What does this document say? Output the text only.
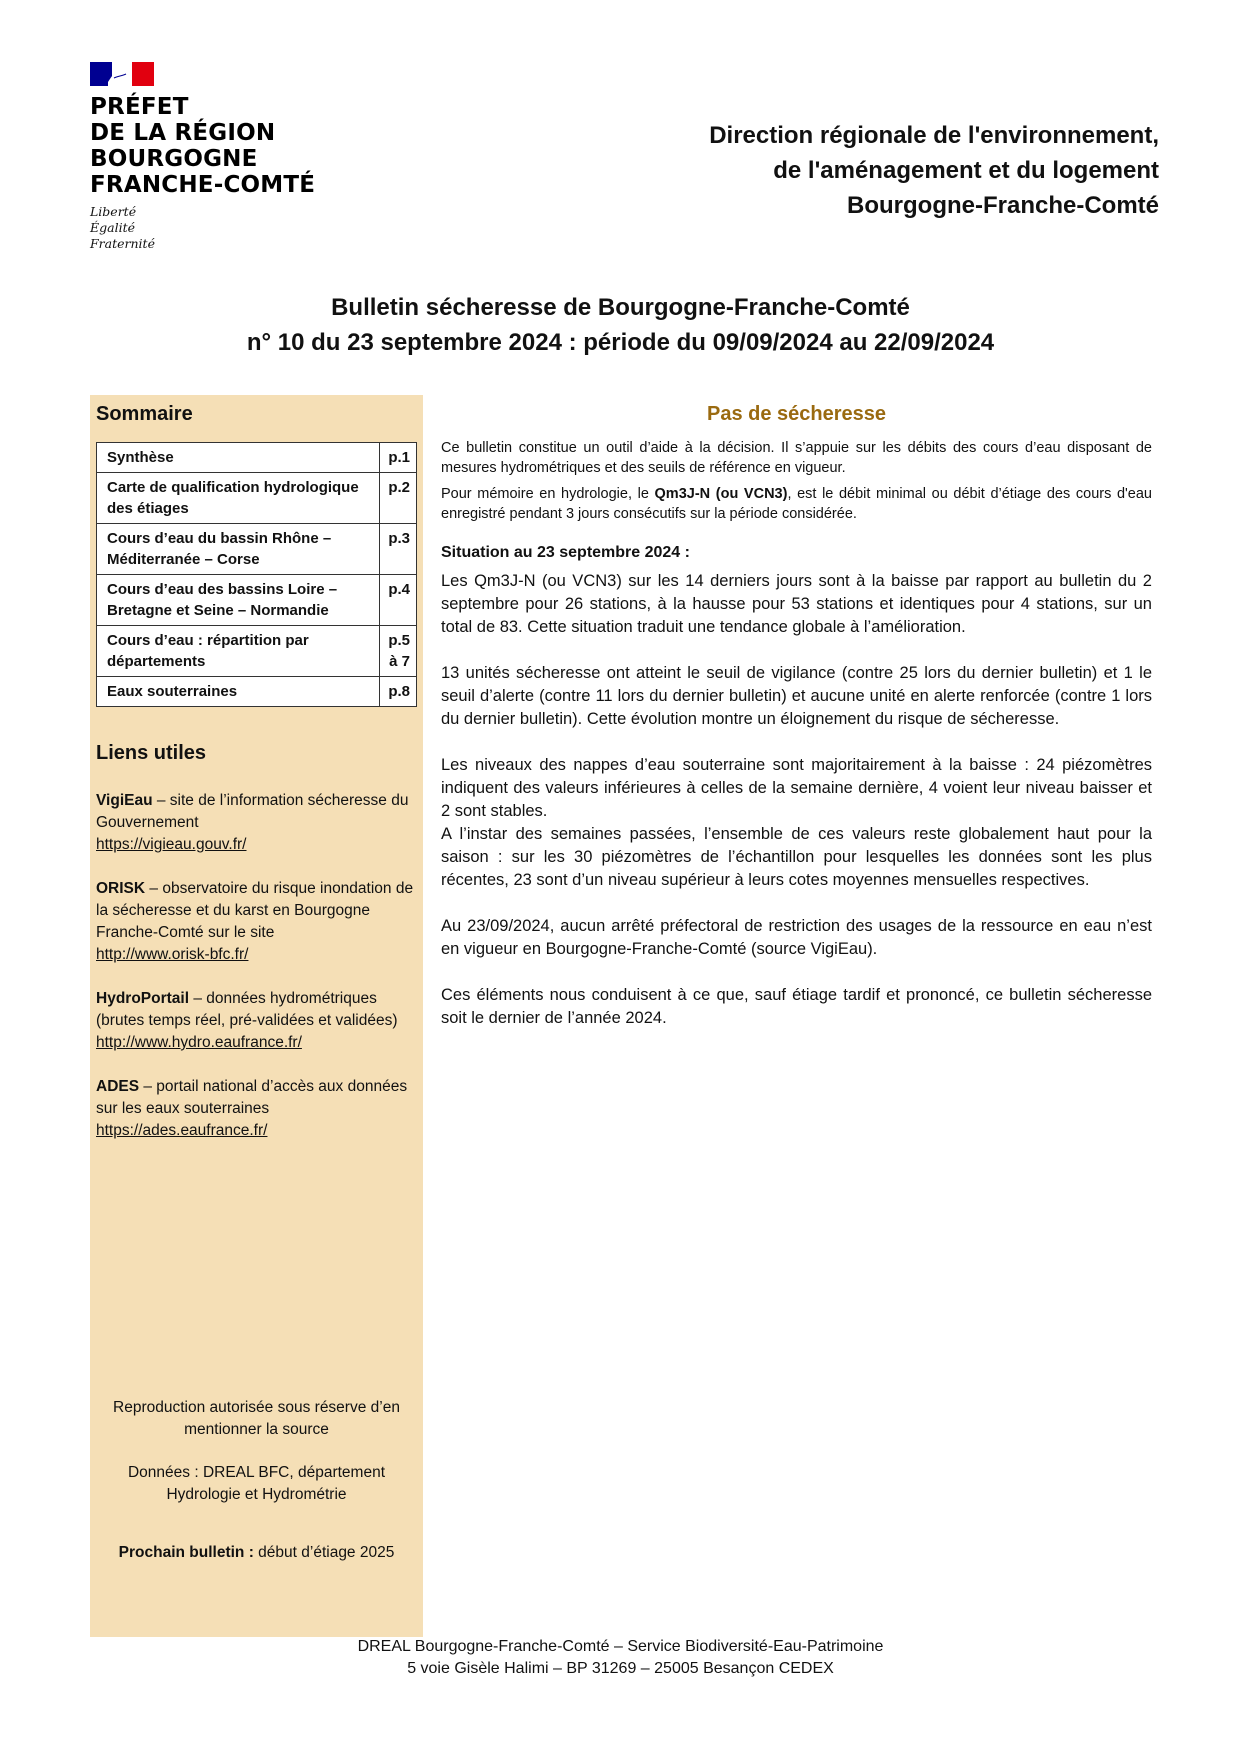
PRÉFET
DE LA RÉGION
BOURGOGNE
FRANCHE-COMTÉ
Liberté
Égalité
Fraternité
Direction régionale de l'environnement,
de l'aménagement et du logement
Bourgogne-Franche-Comté
Bulletin sécheresse de Bourgogne-Franche-Comté
n° 10 du 23 septembre 2024 : période du 09/09/2024 au 22/09/2024
Sommaire
Synthèse	p.1
Carte de qualification hydrologique des étiages	p.2
Cours d’eau du bassin Rhône – Méditerranée – Corse	p.3
Cours d’eau des bassins Loire – Bretagne et Seine – Normandie	p.4
Cours d’eau : répartition par départements	p.5 à 7
Eaux souterraines	p.8
Liens utiles
VigiEau – site de l’information sécheresse du Gouvernement
https://vigieau.gouv.fr/
ORISK – observatoire du risque inondation de la sécheresse et du karst en Bourgogne Franche-Comté sur le site
http://www.orisk-bfc.fr/
HydroPortail – données hydrométriques (brutes temps réel, pré-validées et validées)
http://www.hydro.eaufrance.fr/
ADES – portail national d’accès aux données sur les eaux souterraines
https://ades.eaufrance.fr/

Reproduction autorisée sous réserve d’en mentionner la source

Données : DREAL BFC, département Hydrologie et Hydrométrie

Prochain bulletin : début d’étiage 2025

Pas de sécheresse

Ce bulletin constitue un outil d’aide à la décision. Il s’appuie sur les débits des cours d’eau disposant de mesures hydrométriques et des seuils de référence en vigueur.

Pour mémoire en hydrologie, le Qm3J-N (ou VCN3), est le débit minimal ou débit d’étiage des cours d'eau enregistré pendant 3 jours consécutifs sur la période considérée.

Situation au 23 septembre 2024 :

Les Qm3J-N (ou VCN3) sur les 14 derniers jours sont à la baisse par rapport au bulletin du 2 septembre pour 26 stations, à la hausse pour 53 stations et identiques pour 4 stations, sur un total de 83. Cette situation traduit une tendance globale à l’amélioration.

13 unités sécheresse ont atteint le seuil de vigilance (contre 25 lors du dernier bulletin) et 1 le seuil d’alerte (contre 11 lors du dernier bulletin) et aucune unité en alerte renforcée (contre 1 lors du dernier bulletin). Cette évolution montre un éloignement du risque de sécheresse.

Les niveaux des nappes d’eau souterraine sont majoritairement à la baisse : 24 piézomètres indiquent des valeurs inférieures à celles de la semaine dernière, 4 voient leur niveau baisser et 2 sont stables.

A l’instar des semaines passées, l’ensemble de ces valeurs reste globalement haut pour la saison : sur les 30 piézomètres de l’échantillon pour lesquelles les données sont les plus récentes, 23 sont d’un niveau supérieur à leurs cotes moyennes mensuelles respectives.

Au 23/09/2024, aucun arrêté préfectoral de restriction des usages de la ressource en eau n’est en vigueur en Bourgogne-Franche-Comté (source VigiEau).

Ces éléments nous conduisent à ce que, sauf étiage tardif et prononcé, ce bulletin sécheresse soit le dernier de l’année 2024.

DREAL Bourgogne-Franche-Comté – Service Biodiversité-Eau-Patrimoine
5 voie Gisèle Halimi – BP 31269 – 25005 Besançon CEDEX
